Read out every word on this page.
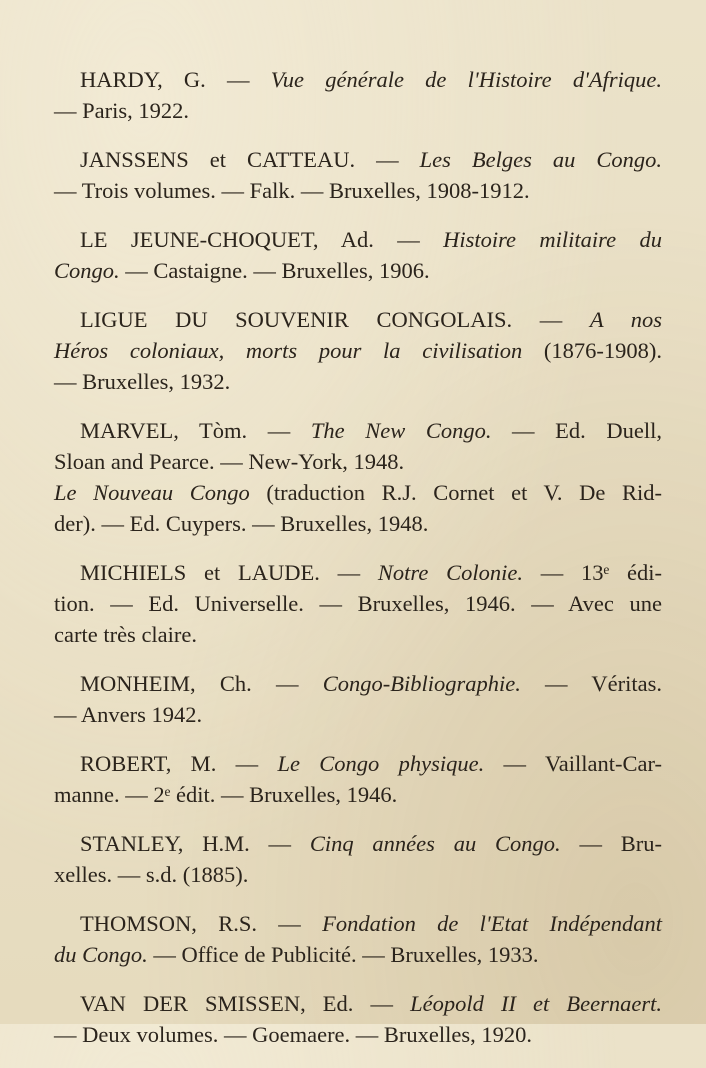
HARDY, G. — Vue générale de l'Histoire d'Afrique.
— Paris, 1922.
JANSSENS et CATTEAU. — Les Belges au Congo.
— Trois volumes. — Falk. — Bruxelles, 1908-1912.
LE JEUNE-CHOQUET, Ad. — Histoire militaire du
Congo. — Castaigne. — Bruxelles, 1906.
LIGUE DU SOUVENIR CONGOLAIS. — A nos
Héros coloniaux, morts pour la civilisation (1876-1908).
— Bruxelles, 1932.
MARVEL, Tòm. — The New Congo. — Ed. Duell,
Sloan and Pearce. — New-York, 1948.
Le Nouveau Congo (traduction R.J. Cornet et V. De Rid-
der). — Ed. Cuypers. — Bruxelles, 1948.
MICHIELS et LAUDE. — Notre Colonie. — 13ᵉ édi-
tion. — Ed. Universelle. — Bruxelles, 1946. — Avec une
carte très claire.
MONHEIM, Ch. — Congo-Bibliographie. — Véritas.
— Anvers 1942.
ROBERT, M. — Le Congo physique. — Vaillant-Car-
manne. — 2ᵉ édit. — Bruxelles, 1946.
STANLEY, H.M. — Cinq années au Congo. — Bru-
xelles. — s.d. (1885).
THOMSON, R.S. — Fondation de l'Etat Indépendant
du Congo. — Office de Publicité. — Bruxelles, 1933.
VAN DER SMISSEN, Ed. — Léopold II et Beernaert.
— Deux volumes. — Goemaere. — Bruxelles, 1920.
